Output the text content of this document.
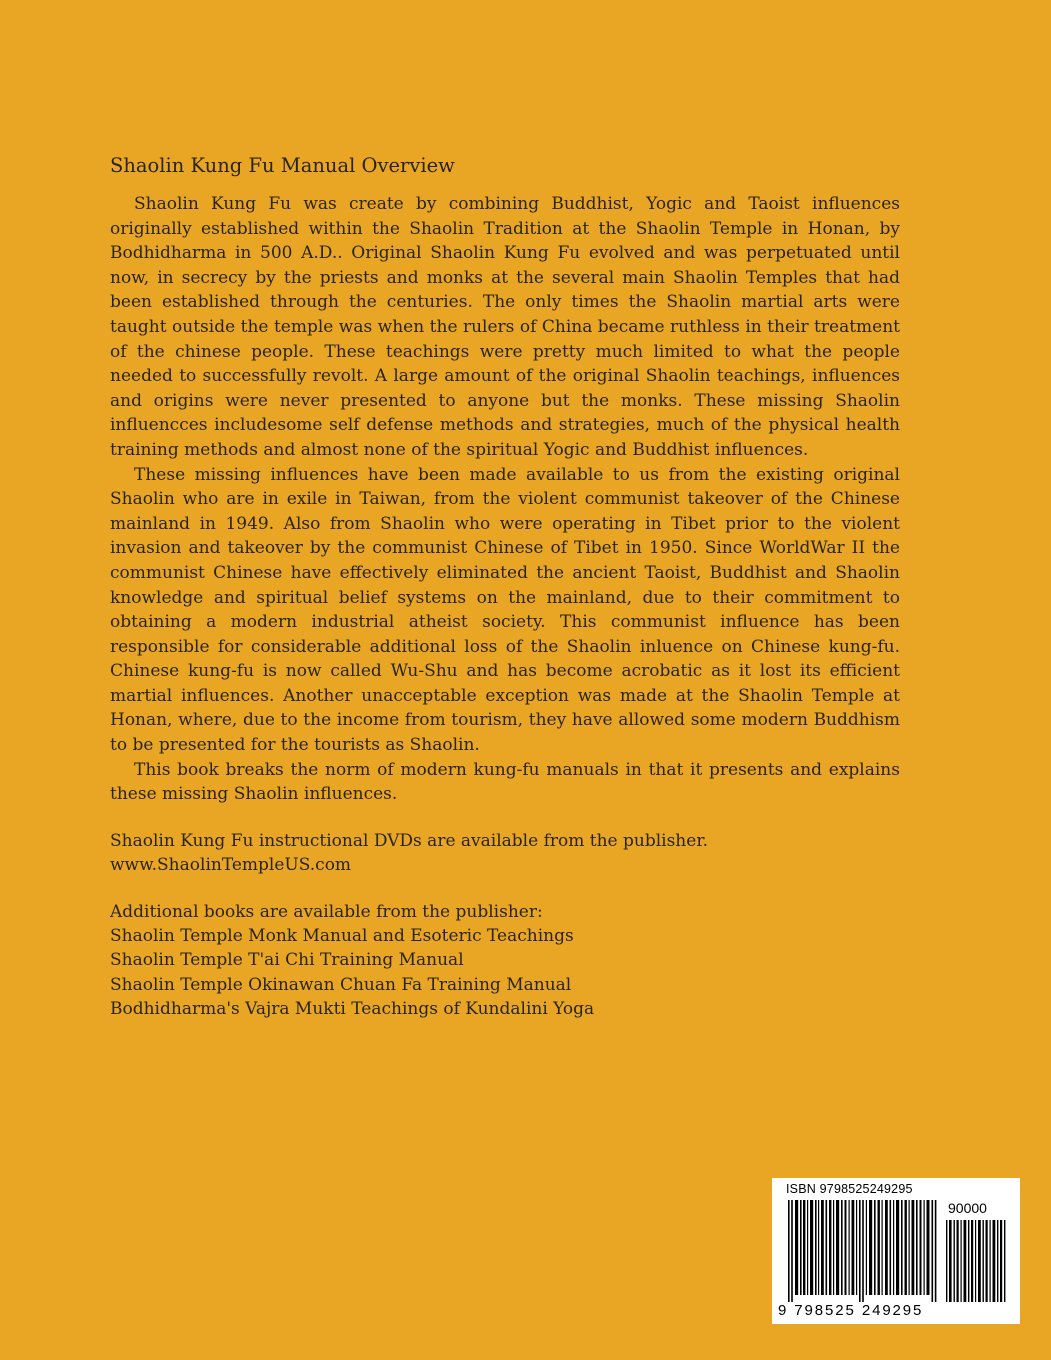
Shaolin Kung Fu Manual Overview

Shaolin Kung Fu was create by combining Buddhist, Yogic and Taoist influences originally established within the Shaolin Tradition at the Shaolin Temple in Honan, by Bodhidharma in 500 A.D.. Original Shaolin Kung Fu evolved and was perpetuated until now, in secrecy by the priests and monks at the several main Shaolin Temples that had been established through the centuries. The only times the Shaolin martial arts were taught outside the temple was when the rulers of China became ruthless in their treatment of the chinese people. These teachings were pretty much limited to what the people needed to successfully revolt. A large amount of the original Shaolin teachings, influences and origins were never presented to anyone but the monks. These missing Shaolin influencces includesome self defense methods and strategies, much of the physical health training methods and almost none of the spiritual Yogic and Buddhist influences.

These missing influences have been made available to us from the existing original Shaolin who are in exile in Taiwan, from the violent communist takeover of the Chinese mainland in 1949. Also from Shaolin who were operating in Tibet prior to the violent invasion and takeover by the communist Chinese of Tibet in 1950. Since WorldWar II the communist Chinese have effectively eliminated the ancient Taoist, Buddhist and Shaolin knowledge and spiritual belief systems on the mainland, due to their commitment to obtaining a modern industrial atheist society. This communist influence has been responsible for considerable additional loss of the Shaolin inluence on Chinese kung-fu. Chinese kung-fu is now called Wu-Shu and has become acrobatic as it lost its efficient martial influences. Another unacceptable exception was made at the Shaolin Temple at Honan, where, due to the income from tourism, they have allowed some modern Buddhism to be presented for the tourists as Shaolin.

This book breaks the norm of modern kung-fu manuals in that it presents and explains these missing Shaolin influences.

Shaolin Kung Fu instructional DVDs are available from the publisher.
www.ShaolinTempleUS.com
Additional books are available from the publisher:
Shaolin Temple Monk Manual and Esoteric Teachings
Shaolin Temple T'ai Chi Training Manual
Shaolin Temple Okinawan Chuan Fa Training Manual
Bodhidharma's Vajra Mukti Teachings of Kundalini Yoga
ISBN 9798525249295
90000
9 798525 249295
